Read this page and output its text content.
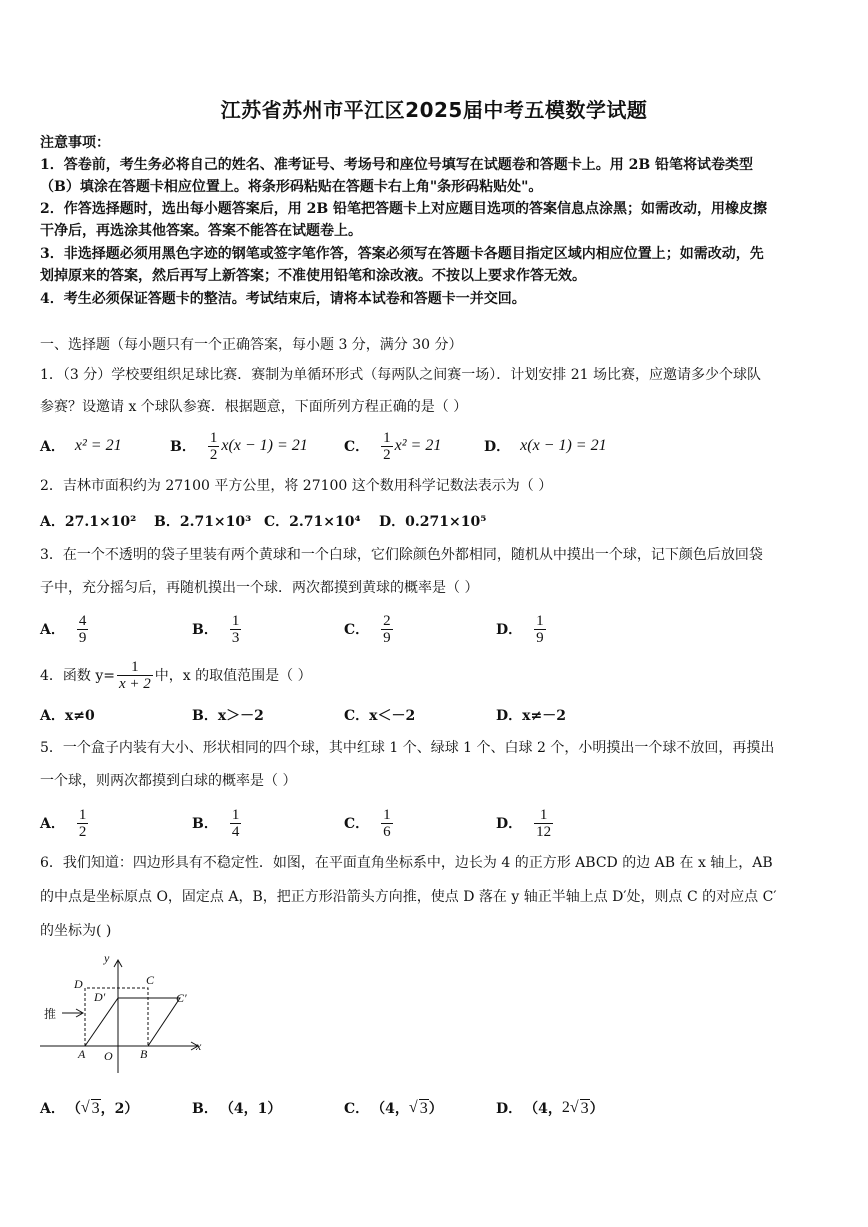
江苏省苏州市平江区2025届中考五模数学试题
注意事项：
1．答卷前，考生务必将自己的姓名、准考证号、考场号和座位号填写在试题卷和答题卡上。用 2B 铅笔将试卷类型
（B）填涂在答题卡相应位置上。将条形码粘贴在答题卡右上角"条形码粘贴处"。
2．作答选择题时，选出每小题答案后，用 2B 铅笔把答题卡上对应题目选项的答案信息点涂黑；如需改动，用橡皮擦
干净后，再选涂其他答案。答案不能答在试题卷上。
3．非选择题必须用黑色字迹的钢笔或签字笔作答，答案必须写在答题卡各题目指定区域内相应位置上；如需改动，先
划掉原来的答案，然后再写上新答案；不准使用铅笔和涂改液。不按以上要求作答无效。
4．考生必须保证答题卡的整洁。考试结束后，请将本试卷和答题卡一并交回。
一、选择题（每小题只有一个正确答案，每小题 3 分，满分 30 分）
1．（3 分）学校要组织足球比赛．赛制为单循环形式（每两队之间赛一场）．计划安排 21 场比赛，应邀请多少个球队
参赛？设邀请 x 个球队参赛．根据题意，下面所列方程正确的是（ ）
A． x² = 21	B． $\frac{1}{2} x(x - 1) = 21$	C． $\frac{1}{2} x^2 = 21$	D． x(x − 1) = 21
2．吉林市面积约为 27100 平方公里，将 27100 这个数用科学记数法表示为（ ）
A．27.1×10² B．2.71×10³ C．2.71×10⁴ D．0.271×10⁵
3．在一个不透明的袋子里装有两个黄球和一个白球，它们除颜色外都相同，随机从中摸出一个球，记下颜色后放回袋
子中，充分摇匀后，再随机摸出一个球．两次都摸到黄球的概率是（ ）
A． $\frac{4}{9}$	B． $\frac{1}{3}$	C． $\frac{2}{9}$	D． $\frac{1}{9}$
4．函数 $y= \frac{1}{x + 2}$ 中，x 的取值范围是（ ）
A．x≠0	B．x＞－2	C．x＜－2	D．x≠－2
5．一个盒子内装有大小、形状相同的四个球，其中红球 1 个、绿球 1 个、白球 2 个，小明摸出一个球不放回，再摸出
一个球，则两次都摸到白球的概率是（ ）
A． $\frac{1}{2}$	B． $\frac{1}{4}$	C． $\frac{1}{6}$	D． $\frac{1}{12}$
6．我们知道：四边形具有不稳定性．如图，在平面直角坐标系中，边长为 4 的正方形 ABCD 的边 AB 在 x 轴上，AB
的中点是坐标原点 O，固定点 A，B，把正方形沿箭头方向推，使点 D 落在 y 轴正半轴上点 D′处，则点 C 的对应点 C′
的坐标为( )
y
x
D	C
D′	C′
A O B
推
A． （ √ 3 ，2）	B． （4，1）	C． （4， √ 3 ）	D． （4， 2 √ 3 ）
